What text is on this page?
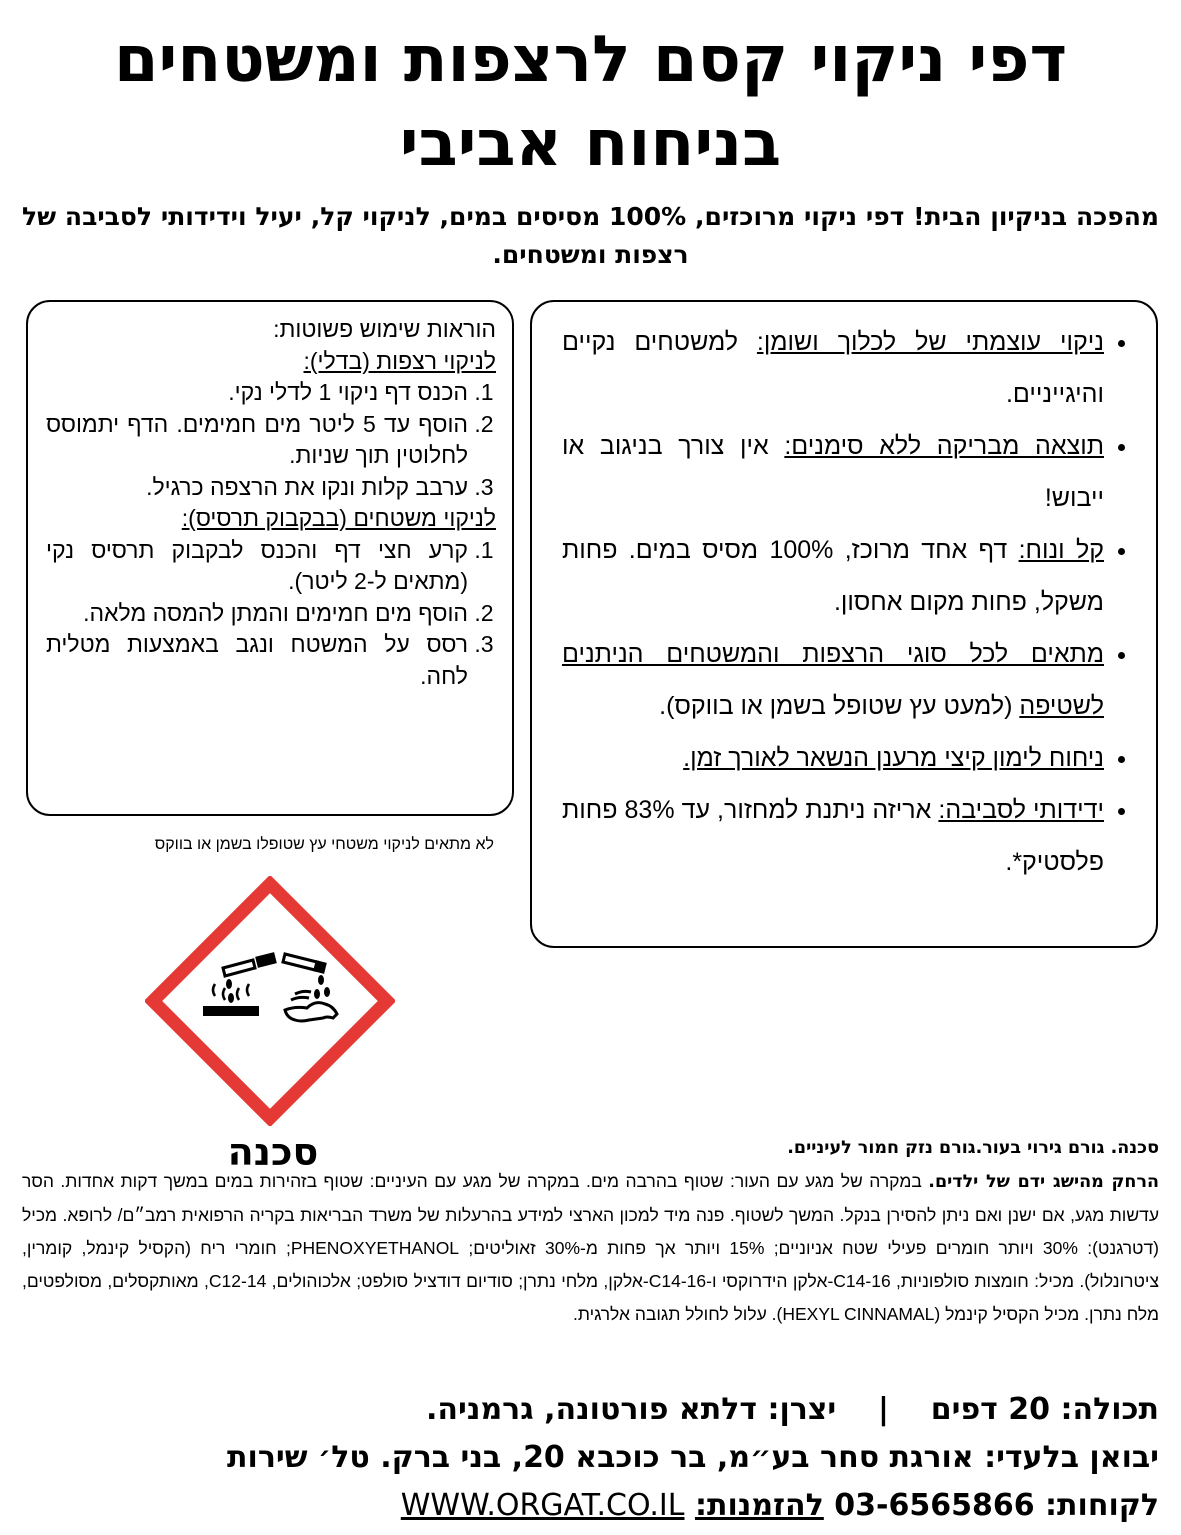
דפי ניקוי קסם לרצפות ומשטחים
בניחוח אביבי
מהפכה בניקיון הבית! דפי ניקוי מרוכזים, 100% מסיסים במים, לניקוי קל, יעיל וידידותי לסביבה של רצפות ומשטחים.
• ניקוי עוצמתי של לכלוך ושומן: למשטחים נקיים והיגייניים.
• תוצאה מבריקה ללא סימנים: אין צורך בניגוב או ייבוש!
• קל ונוח: דף אחד מרוכז, 100% מסיס במים. פחות משקל, פחות מקום אחסון.
• מתאים לכל סוגי הרצפות והמשטחים הניתנים לשטיפה (למעט עץ שטופל בשמן או בווקס).
• ניחוח לימון קיצי מרענן הנשאר לאורך זמן.
• ידידותי לסביבה: אריזה ניתנת למחזור, עד 83% פחות פלסטיק*.

הוראות שימוש פשוטות:

לניקוי רצפות (בדלי):

1. הכנס דף ניקוי 1 לדלי נקי.
2. הוסף עד 5 ליטר מים חמימים. הדף יתמוסס לחלוטין תוך שניות.
3. ערבב קלות ונקו את הרצפה כרגיל.

לניקוי משטחים (בבקבוק תרסיס):

1. קרע חצי דף והכנס לבקבוק תרסיס נקי (מתאים ל-2 ליטר).
2. הוסף מים חמימים והמתן להמסה מלאה.
3. רסס על המשטח ונגב באמצעות מטלית לחה.
לא מתאים לניקוי משטחי עץ שטופלו בשמן או בווקס
סכנה	סכנה. גורם גירוי בעור.גורם נזק חמור לעיניים.

הרחק מהישג ידם של ילדים. במקרה של מגע עם העור: שטוף בהרבה מים. במקרה של מגע עם העיניים: שטוף בזהירות במים במשך דקות אחדות. הסר עדשות מגע, אם ישנן ואם ניתן להסירן בנקל. המשך לשטוף. פנה מיד למכון הארצי למידע בהרעלות של משרד הבריאות בקריה הרפואית רמב״ם/ לרופא. מכיל (דטרגנט): 30% ויותר חומרים פעילי שטח אניוניים; 15% ויותר אך פחות מ-30% זאוליטים; PHENOXYETHANOL; חומרי ריח (הקסיל קינמל, קומרין, ציטרונלול). מכיל: חומצות סולפוניות, C14-16-אלקן הידרוקסי ו-C14-16-אלקן, מלחי נתרן; סודיום דודציל סולפט; אלכוהולים, C12-14, מאותקסלים, מסולפטים, מלח נתרן. מכיל הקסיל קינמל (HEXYL CINNAMAL). עלול לחולל תגובה אלרגית.

תכולה: 20 דפים    |    יצרן: דלתא פורטונה, גרמניה.

יבואן בלעדי: אורגת סחר בע״מ, בר כוכבא 20, בני ברק. טל׳ שירות

לקוחות: 03-6565866 להזמנות: WWW.ORGAT.CO.IL
